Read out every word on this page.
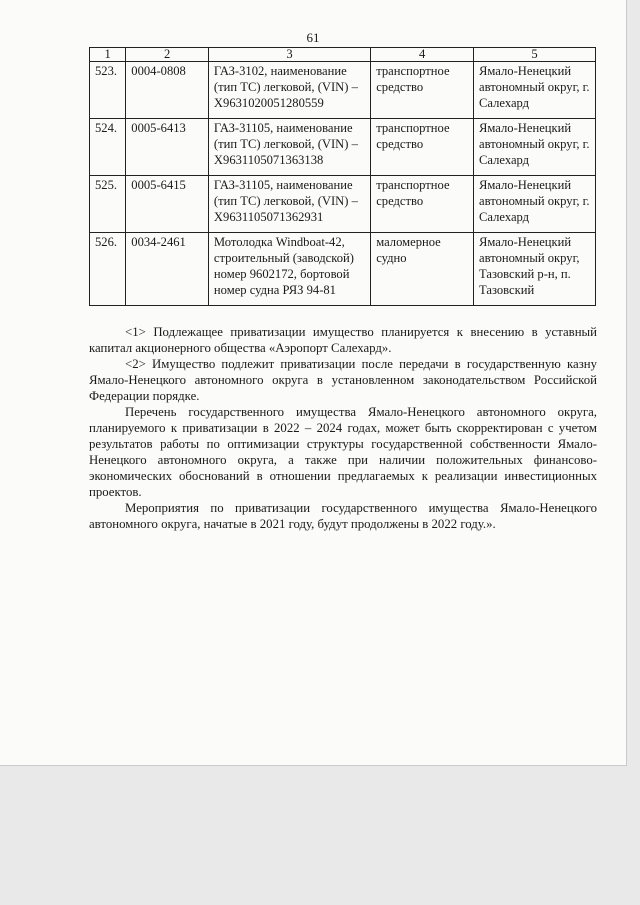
61
1	2	3	4	5
523.	0004-0808	ГАЗ-3102, наименование (тип ТС) легковой, (VIN) – X9631020051280559	транспортное средство	Ямало-Ненецкий автономный округ, г. Салехард
524.	0005-6413	ГАЗ-31105, наименование (тип ТС) легковой, (VIN) – X9631105071363138	транспортное средство	Ямало-Ненецкий автономный округ, г. Салехард
525.	0005-6415	ГАЗ-31105, наименование (тип ТС) легковой, (VIN) – X9631105071362931	транспортное средство	Ямало-Ненецкий автономный округ, г. Салехард
526.	0034-2461	Мотолодка Windboat-42, строительный (заводской) номер 9602172, бортовой номер судна РЯЗ 94-81	маломерное судно	Ямало-Ненецкий автономный округ, Тазовский р-н, п. Тазовский

<1> Подлежащее приватизации имущество планируется к внесению в уставный капитал акционерного общества «Аэропорт Салехард».

<2> Имущество подлежит приватизации после передачи в государственную казну Ямало-Ненецкого автономного округа в установленном законодательством Российской Федерации порядке.

Перечень государственного имущества Ямало-Ненецкого автономного округа, планируемого к приватизации в 2022 – 2024 годах, может быть скорректирован с учетом результатов работы по оптимизации структуры государственной собственности Ямало-Ненецкого автономного округа, а также при наличии положительных финансово-экономических обоснований в отношении предлагаемых к реализации инвестиционных проектов.

Мероприятия по приватизации государственного имущества Ямало-Ненецкого автономного округа, начатые в 2021 году, будут продолжены в 2022 году.».
